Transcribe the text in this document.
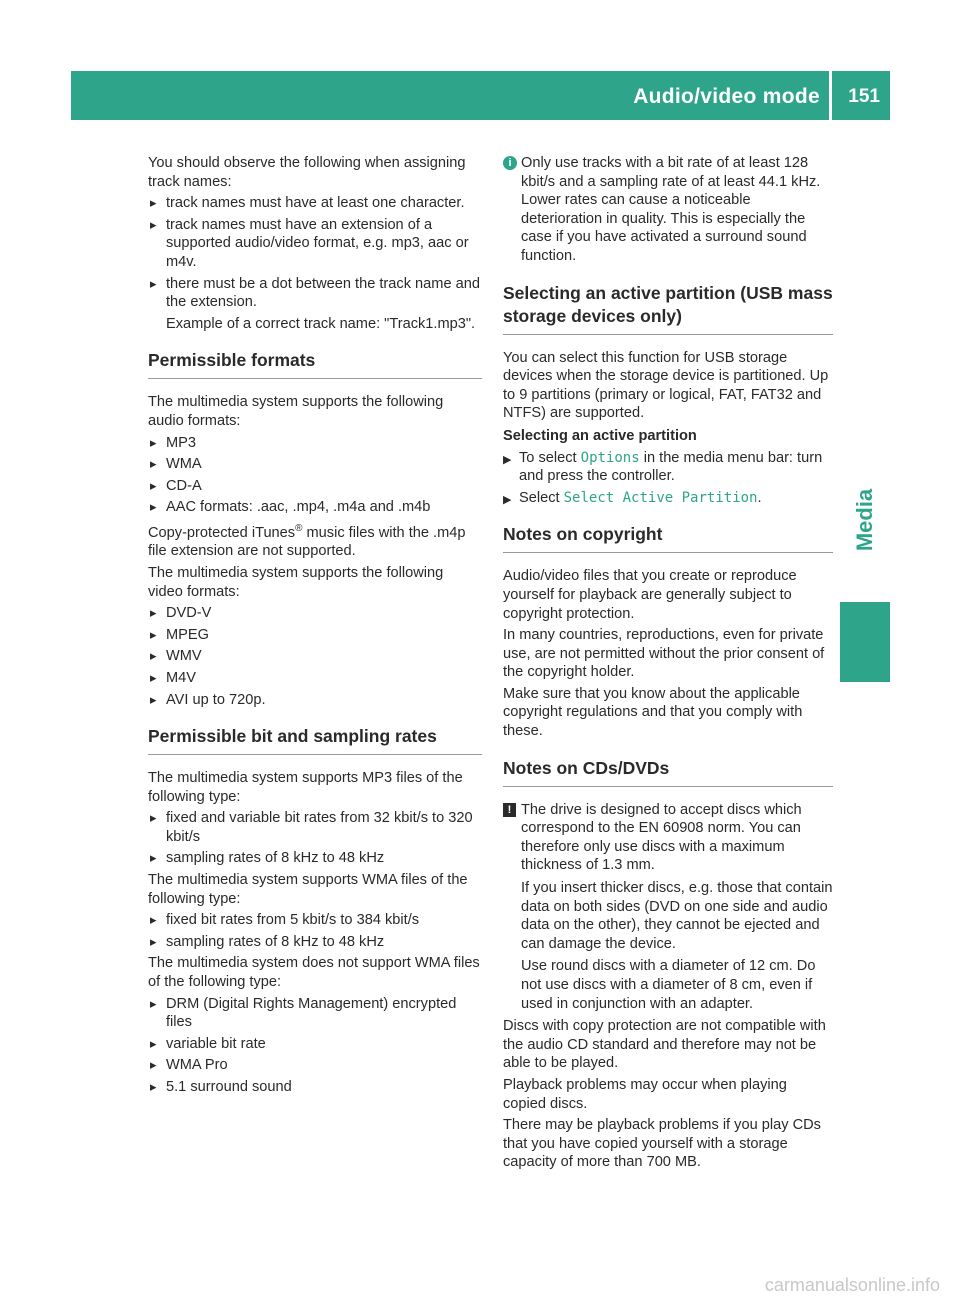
Audio/video mode 151
Media

You should observe the following when assigning track names:

▸ track names must have at least one character.
▸ track names must have an extension of a supported audio/video format, e.g. mp3, aac or m4v.
▸ there must be a dot between the track name and the extension.

Example of a correct track name: "Track1.mp3".

Permissible formats

The multimedia system supports the following audio formats:

▸ MP3
▸ WMA
▸ CD-A
▸ AAC formats: .aac, .mp4, .m4a and .m4b

Copy-protected iTunes® music files with the .m4p file extension are not supported.

The multimedia system supports the following video formats:

▸ DVD-V
▸ MPEG
▸ WMV
▸ M4V
▸ AVI up to 720p.
Permissible bit and sampling rates

The multimedia system supports MP3 files of the following type:

▸ fixed and variable bit rates from 32 kbit/s to 320 kbit/s
▸ sampling rates of 8 kHz to 48 kHz

The multimedia system supports WMA files of the following type:

▸ fixed bit rates from 5 kbit/s to 384 kbit/s
▸ sampling rates of 8 kHz to 48 kHz

The multimedia system does not support WMA files of the following type:

▸ DRM (Digital Rights Management) encrypted files
▸ variable bit rate
▸ WMA Pro
▸ 5.1 surround sound
i Only use tracks with a bit rate of at least 128 kbit/s and a sampling rate of at least 44.1 kHz. Lower rates can cause a noticeable deterioration in quality. This is especially the case if you have activated a surround sound function.

Selecting an active partition (USB mass storage devices only)

You can select this function for USB storage devices when the storage device is partitioned. Up to 9 partitions (primary or logical, FAT, FAT32 and NTFS) are supported.

Selecting an active partition
▶ To select Options in the media menu bar: turn and press the controller.
▶ Select Select Active Partition.
Notes on copyright

Audio/video files that you create or reproduce yourself for playback are generally subject to copyright protection.

In many countries, reproductions, even for private use, are not permitted without the prior consent of the copyright holder.

Make sure that you know about the applicable copyright regulations and that you comply with these.

Notes on CDs/DVDs
! The drive is designed to accept discs which correspond to the EN 60908 norm. You can therefore only use discs with a maximum thickness of 1.3 mm.

If you insert thicker discs, e.g. those that contain data on both sides (DVD on one side and audio data on the other), they cannot be ejected and can damage the device.

Use round discs with a diameter of 12 cm. Do not use discs with a diameter of 8 cm, even if used in conjunction with an adapter.

Discs with copy protection are not compatible with the audio CD standard and therefore may not be able to be played.

Playback problems may occur when playing copied discs.

There may be playback problems if you play CDs that you have copied yourself with a storage capacity of more than 700 MB.

carmanualsonline.info
